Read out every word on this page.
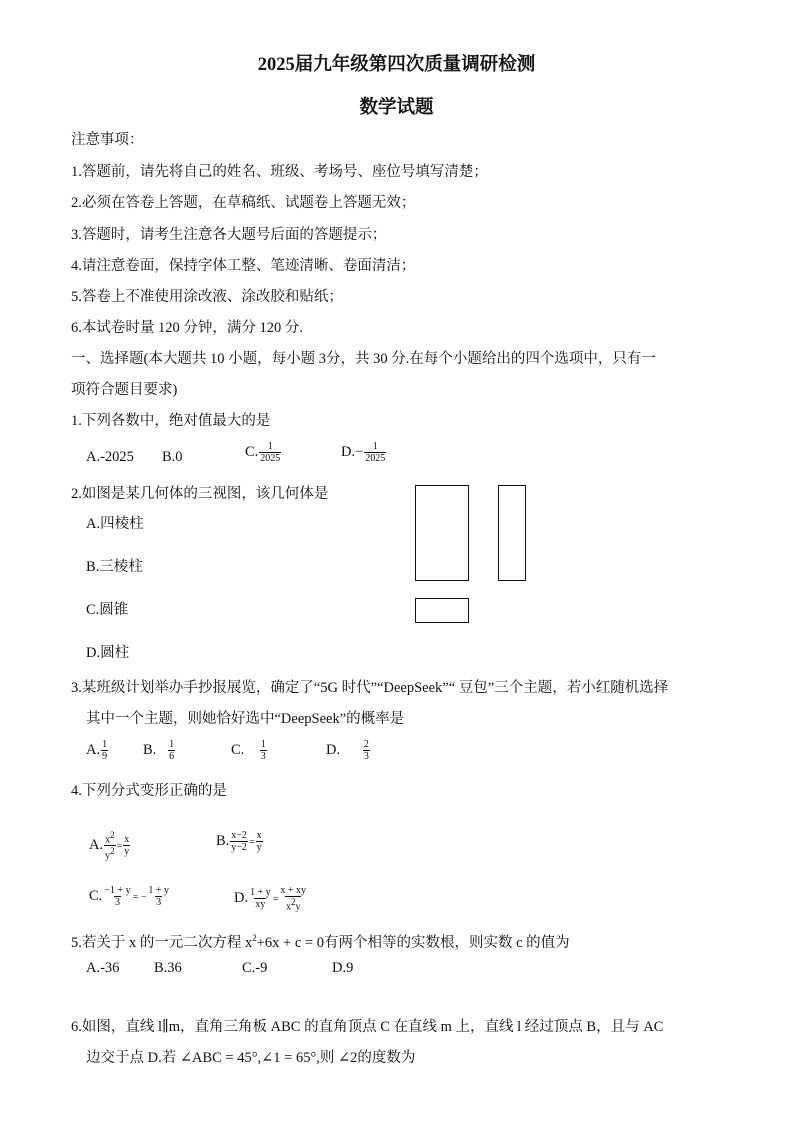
2025届九年级第四次质量调研检测
数学试题
注意事项：
1.答题前，请先将自己的姓名、班级、考场号、座位号填写清楚；
2.必须在答卷上答题，在草稿纸、试题卷上答题无效；
3.答题时，请考生注意各大题号后面的答题提示；
4.请注意卷面，保持字体工整、笔迹清晰、卷面清洁；
5.答卷上不准使用涂改液、涂改胶和贴纸；
6.本试卷时量 120 分钟，满分 120 分.
一、选择题(本大题共 10 小题，每小题 3分，共 30 分.在每个小题给出的四个选项中，只有一
项符合题目要求)
1.下列各数中，绝对值最大的是
A.-2025 B.0	C. $\frac{1}{2025}$	$D.- \frac{1}{2025}$
2.如图是某几何体的三视图，该几何体是
A.四棱柱
B.三棱柱
C.圆锥
D.圆柱
3.某班级计划举办手抄报展览，确定了“5G 时代”“DeepSeek”“ 豆包”三个主题，若小红随机选择
其中一个主题，则她恰好选中“DeepSeek”的概率是
A. $\frac{1}{9} B$. $\frac{1}{6}$	C. $\frac{1}{3}$	D. $\frac{2}{3}$
4.下列分式变形正确的是
A. $\frac{x^2}{y^2} = \frac{x}{y}$	B. $\frac{x-2}{y-2} = \frac{x}{y}$
C. $\frac{-1 + y}{3}$ = − $\frac{1 + y}{3}$	D. $\frac{1 + y}{xy} = \frac{x + xy}{x^2y}$
5.若关于 x 的一元二次方程 $x^2+6x + c = 0$有两个相等的实数根，则实数 c 的值为
A.-36 B.36	C.-9	D.9
6.如图，直线 l∥m，直角三角板 ABC 的直角顶点 C 在直线 m 上，直线 l 经过顶点 B，且与 AC
边交于点 D.若 ∠ABC = 45°,∠1 = 65°,则 ∠2的度数为
